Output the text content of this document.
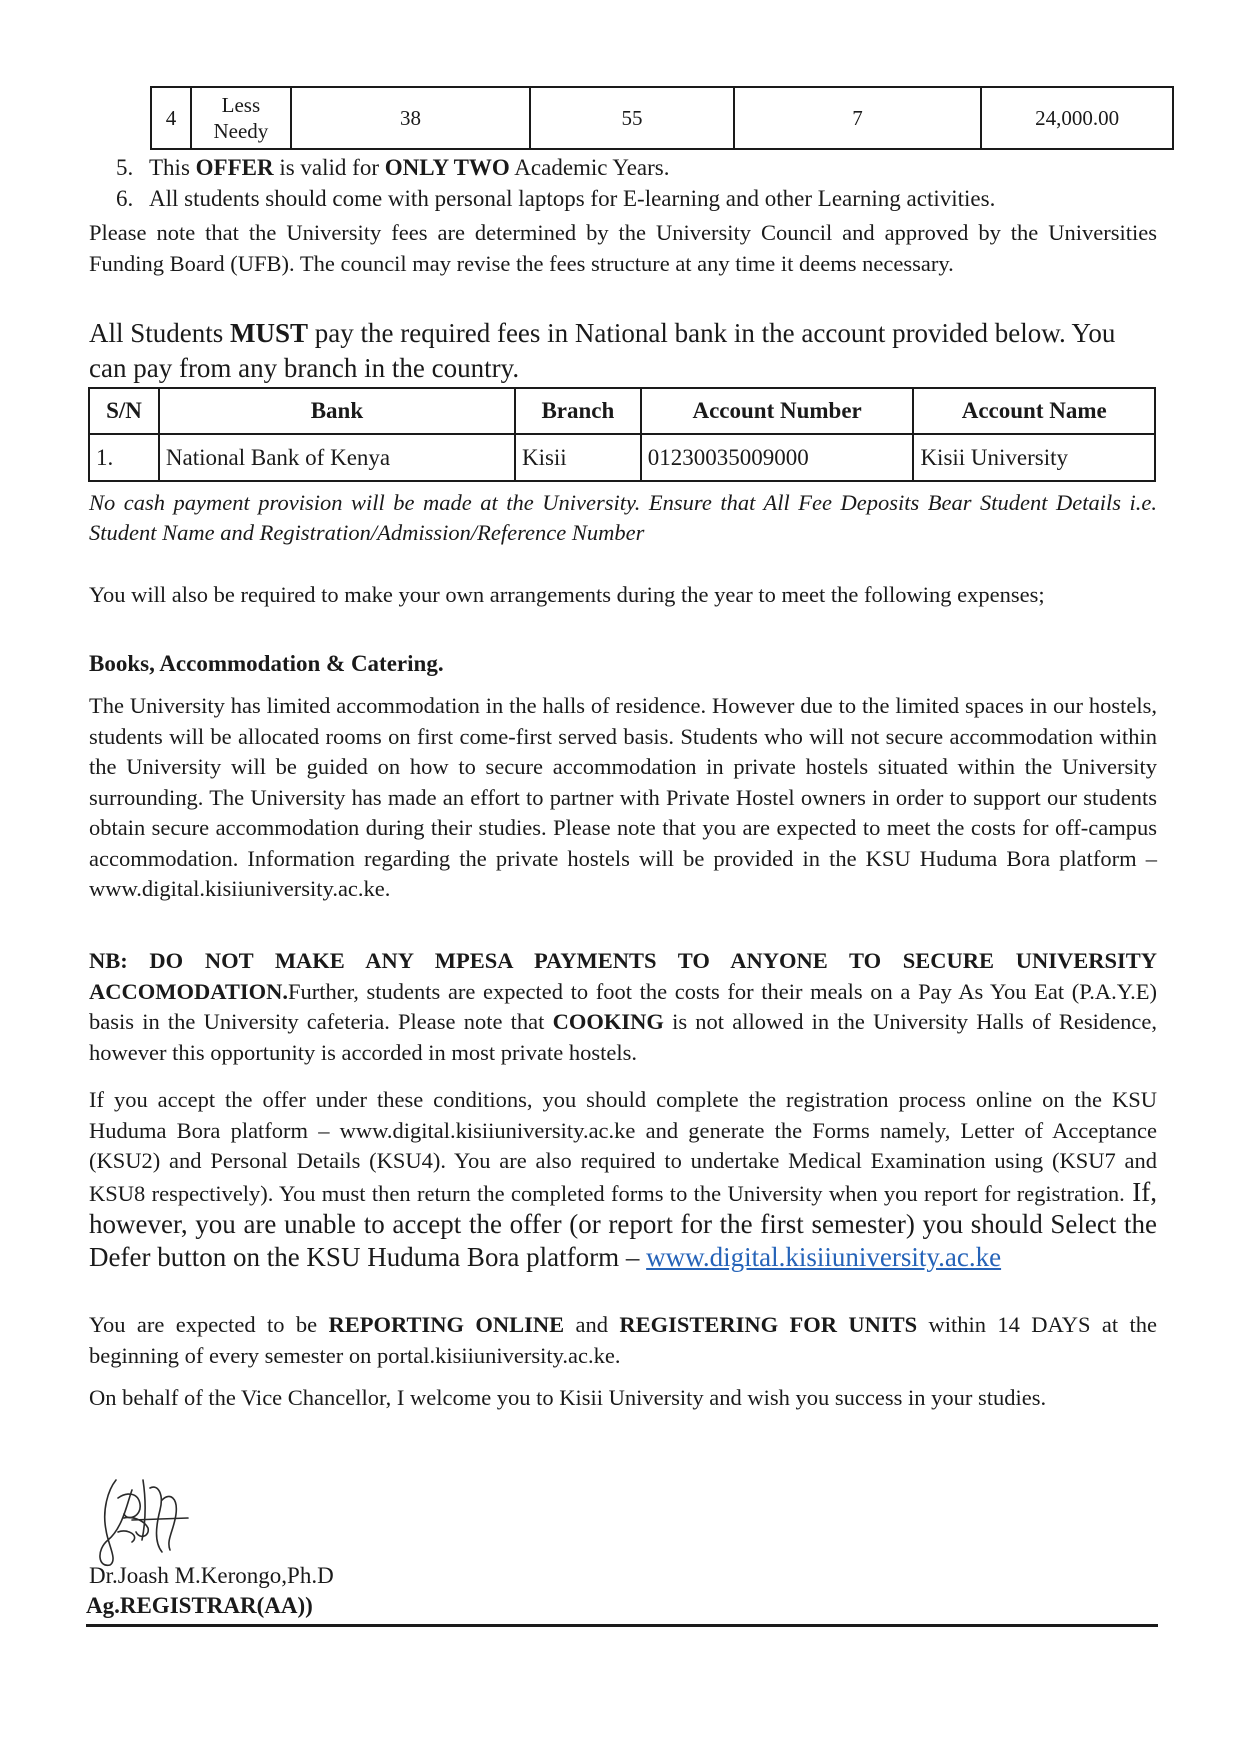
4	Less Needy	38	55	7	24,000.00
5. This OFFER is valid for ONLY TWO Academic Years.
6. All students should come with personal laptops for E-learning and other Learning activities.

Please note that the University fees are determined by the University Council and approved by the Universities Funding Board (UFB). The council may revise the fees structure at any time it deems necessary.

All Students MUST pay the required fees in National bank in the account provided below. You can pay from any branch in the country.

S/N	Bank	Branch	Account Number	Account Name
1.	National Bank of Kenya	Kisii	01230035009000	Kisii University

No cash payment provision will be made at the University. Ensure that All Fee Deposits Bear Student Details i.e. Student Name and Registration/Admission/Reference Number

You will also be required to make your own arrangements during the year to meet the following expenses;

Books, Accommodation & Catering.

The University has limited accommodation in the halls of residence. However due to the limited spaces in our hostels, students will be allocated rooms on first come-first served basis. Students who will not secure accommodation within the University will be guided on how to secure accommodation in private hostels situated within the University surrounding. The University has made an effort to partner with Private Hostel owners in order to support our students obtain secure accommodation during their studies. Please note that you are expected to meet the costs for off-campus accommodation. Information regarding the private hostels will be provided in the KSU Huduma Bora platform – www.digital.kisiiuniversity.ac.ke.

NB: DO NOT MAKE ANY MPESA PAYMENTS TO ANYONE TO SECURE UNIVERSITY ACCOMODATION.Further, students are expected to foot the costs for their meals on a Pay As You Eat (P.A.Y.E) basis in the University cafeteria. Please note that COOKING is not allowed in the University Halls of Residence, however this opportunity is accorded in most private hostels.

If you accept the offer under these conditions, you should complete the registration process online on the KSU Huduma Bora platform – www.digital.kisiiuniversity.ac.ke and generate the Forms namely, Letter of Acceptance (KSU2) and Personal Details (KSU4). You are also required to undertake Medical Examination using (KSU7 and KSU8 respectively). You must then return the completed forms to the University when you report for registration. If, however, you are unable to accept the offer (or report for the first semester) you should Select the Defer button on the KSU Huduma Bora platform – www.digital.kisiiuniversity.ac.ke

You are expected to be REPORTING ONLINE and REGISTERING FOR UNITS within 14 DAYS at the beginning of every semester on portal.kisiiuniversity.ac.ke.

On behalf of the Vice Chancellor, I welcome you to Kisii University and wish you success in your studies.

Dr.Joash M.Kerongo,Ph.D
Ag.REGISTRAR(AA))
